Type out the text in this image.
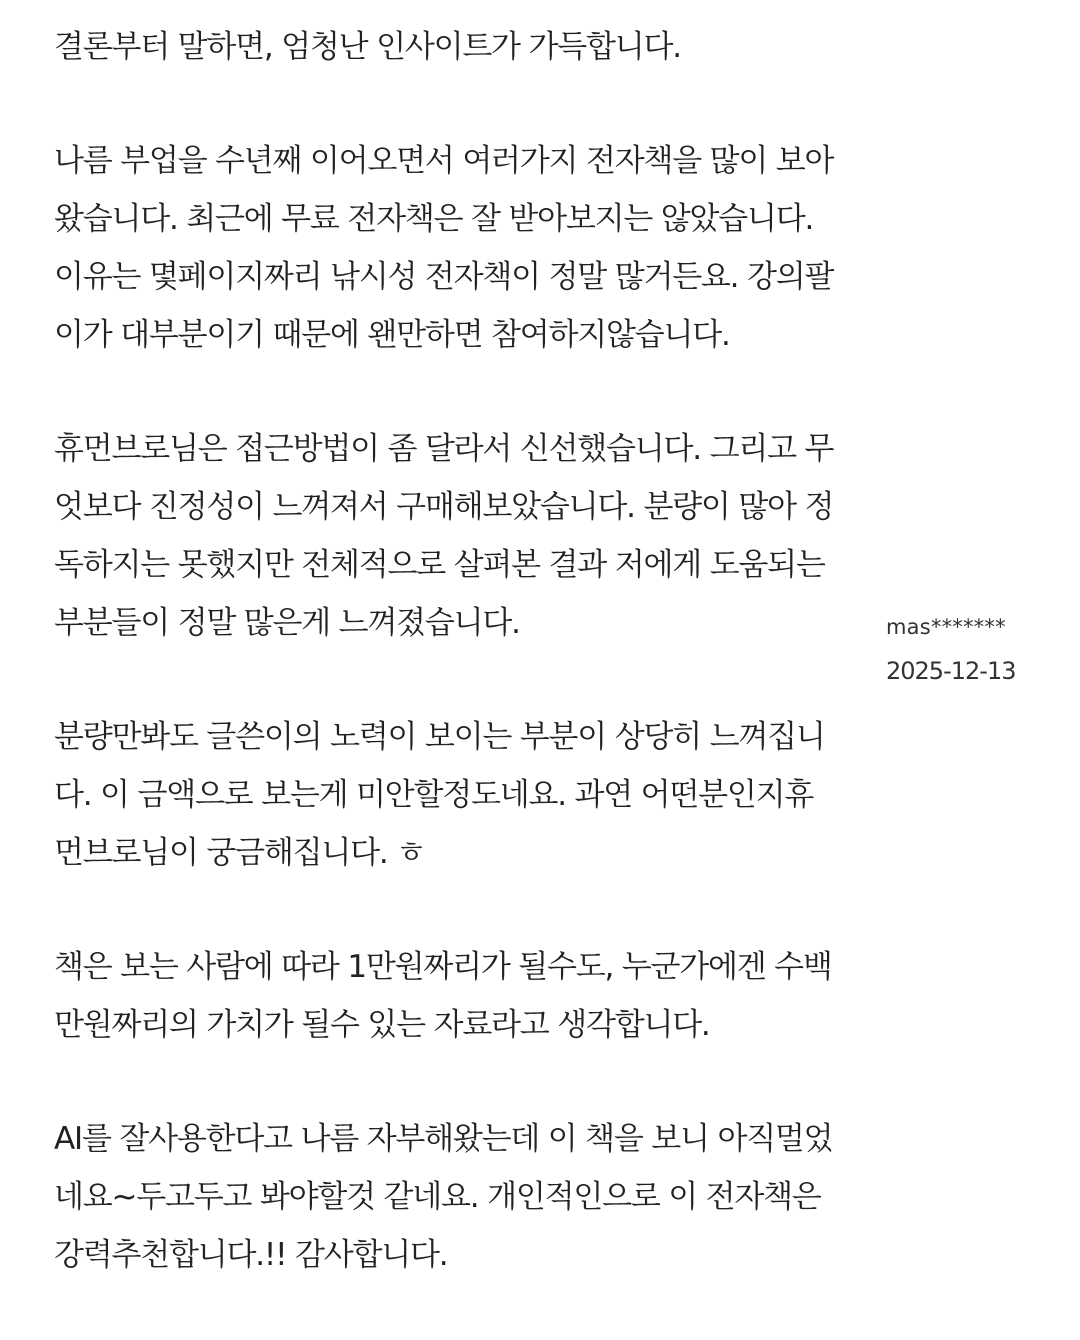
결론부터 말하면, 엄청난 인사이트가 가득합니다.
나름 부업을 수년째 이어오면서 여러가지 전자책을 많이 보아
왔습니다. 최근에 무료 전자책은 잘 받아보지는 않았습니다.
이유는 몇페이지짜리 낚시성 전자책이 정말 많거든요. 강의팔
이가 대부분이기 때문에 왠만하면 참여하지않습니다.
휴먼브로님은 접근방법이 좀 달라서 신선했습니다. 그리고 무
엇보다 진정성이 느껴져서 구매해보았습니다. 분량이 많아 정
독하지는 못했지만 전체적으로 살펴본 결과 저에게 도움되는
부분들이 정말 많은게 느껴졌습니다.
분량만봐도 글쓴이의 노력이 보이는 부분이 상당히 느껴집니
다. 이 금액으로 보는게 미안할정도네요. 과연 어떤분인지휴
먼브로님이 궁금해집니다. ㅎ
책은 보는 사람에 따라 1만원짜리가 될수도, 누군가에겐 수백
만원짜리의 가치가 될수 있는 자료라고 생각합니다.
AI를 잘사용한다고 나름 자부해왔는데 이 책을 보니 아직멀었
네요~두고두고 봐야할것 같네요. 개인적인으로 이 전자책은
강력추천합니다.!! 감사합니다.
mas*******
2025-12-13
